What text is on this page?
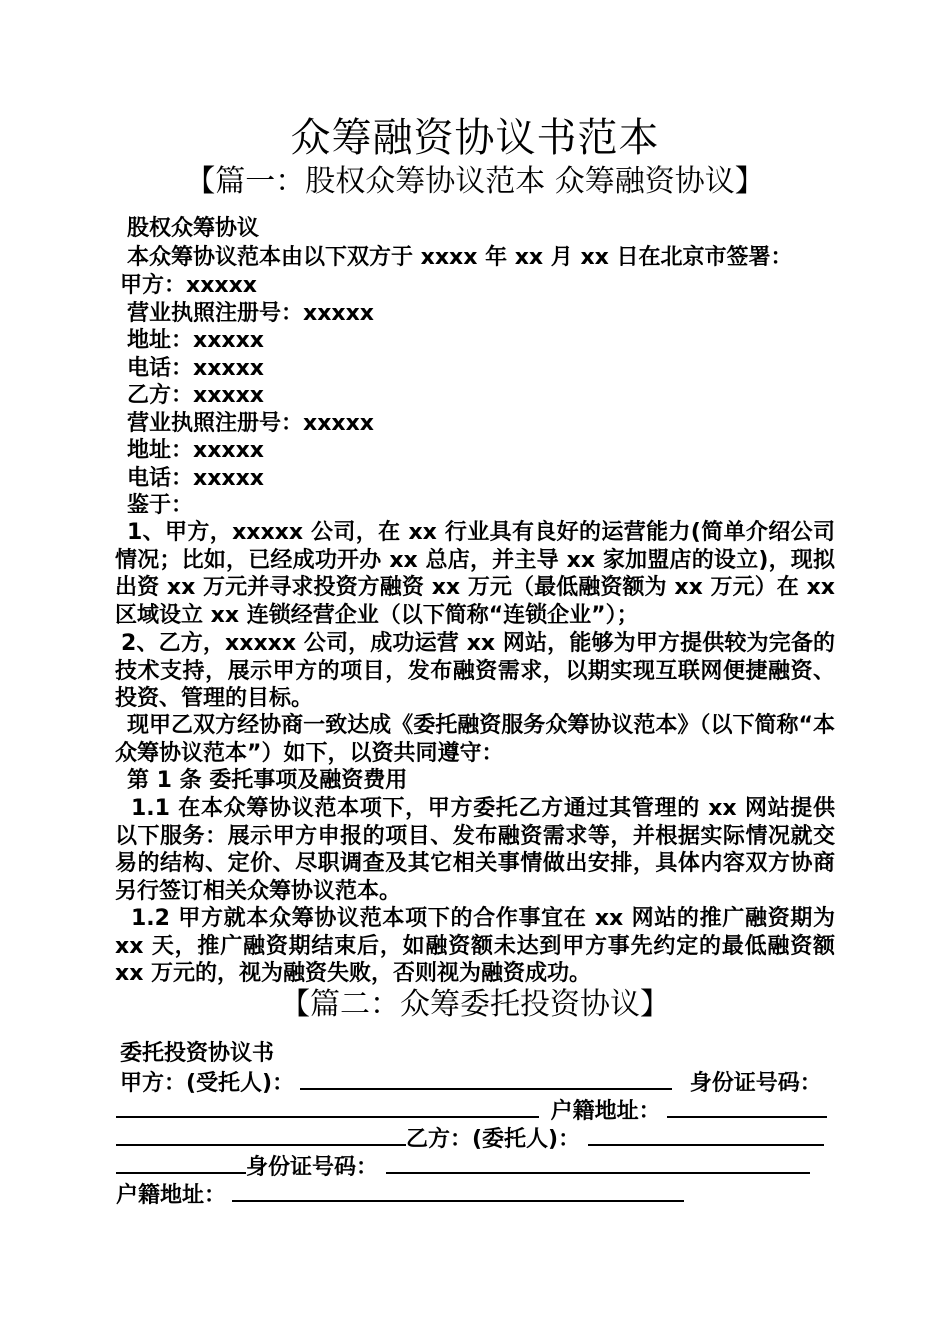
众筹融资协议书范本
【篇一：股权众筹协议范本 众筹融资协议】
股权众筹协议
本众筹协议范本由以下双方于 xxxx 年 xx 月 xx 日在北京市签署：
甲方：xxxxx
营业执照注册号：xxxxx
地址：xxxxx
电话：xxxxx
乙方：xxxxx
营业执照注册号：xxxxx
地址：xxxxx
电话：xxxxx
鉴于：
1、甲方，xxxxx 公司，在 xx 行业具有良好的运营能力(简单介绍公司情况；比如，已经成功开办 xx 总店，并主导 xx 家加盟店的设立)，现拟出资 xx 万元并寻求投资方融资 xx 万元（最低融资额为 xx 万元）在 xx 区域设立 xx 连锁经营企业（以下简称“连锁企业”）；
2、乙方，xxxxx 公司，成功运营 xx 网站，能够为甲方提供较为完备的技术支持，展示甲方的项目，发布融资需求，以期实现互联网便捷融资、投资、管理的目标。
现甲乙双方经协商一致达成《委托融资服务众筹协议范本》（以下简称“本众筹协议范本”）如下，以资共同遵守：
第 1 条 委托事项及融资费用
1.1 在本众筹协议范本项下，甲方委托乙方通过其管理的 xx 网站提供以下服务：展示甲方申报的项目、发布融资需求等，并根据实际情况就交易的结构、定价、尽职调查及其它相关事情做出安排，具体内容双方协商另行签订相关众筹协议范本。
1.2 甲方就本众筹协议范本项下的合作事宜在 xx 网站的推广融资期为 xx 天，推广融资期结束后，如融资额未达到甲方事先约定的最低融资额 xx 万元的，视为融资失败，否则视为融资成功。
【篇二：众筹委托投资协议】
委托投资协议书
甲方：(受托人)：	身份证号码：
户籍地址：
乙方：(委托人)：
身份证号码：
户籍地址：
